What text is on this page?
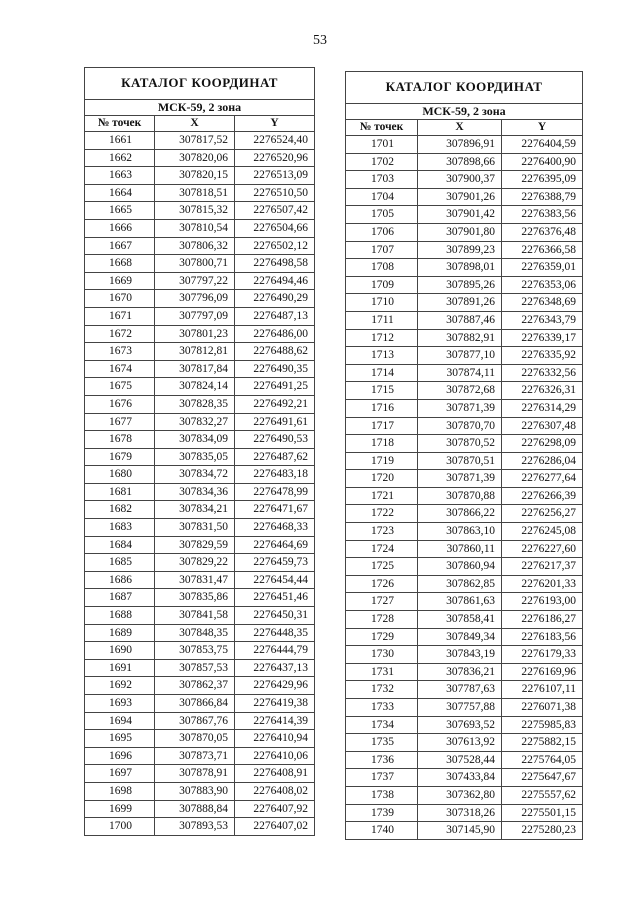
53
КАТАЛОГ КООРДИНАТ		
МСК-59, 2 зона		
№ точек	X	Y
1661	307817,52	2276524,40
1662	307820,06	2276520,96
1663	307820,15	2276513,09
1664	307818,51	2276510,50
1665	307815,32	2276507,42
1666	307810,54	2276504,66
1667	307806,32	2276502,12
1668	307800,71	2276498,58
1669	307797,22	2276494,46
1670	307796,09	2276490,29
1671	307797,09	2276487,13
1672	307801,23	2276486,00
1673	307812,81	2276488,62
1674	307817,84	2276490,35
1675	307824,14	2276491,25
1676	307828,35	2276492,21
1677	307832,27	2276491,61
1678	307834,09	2276490,53
1679	307835,05	2276487,62
1680	307834,72	2276483,18
1681	307834,36	2276478,99
1682	307834,21	2276471,67
1683	307831,50	2276468,33
1684	307829,59	2276464,69
1685	307829,22	2276459,73
1686	307831,47	2276454,44
1687	307835,86	2276451,46
1688	307841,58	2276450,31
1689	307848,35	2276448,35
1690	307853,75	2276444,79
1691	307857,53	2276437,13
1692	307862,37	2276429,96
1693	307866,84	2276419,38
1694	307867,76	2276414,39
1695	307870,05	2276410,94
1696	307873,71	2276410,06
1697	307878,91	2276408,91
1698	307883,90	2276408,02
1699	307888,84	2276407,92
1700	307893,53	2276407,02
КАТАЛОГ КООРДИНАТ		
МСК-59, 2 зона		
№ точек	X	Y
1701	307896,91	2276404,59
1702	307898,66	2276400,90
1703	307900,37	2276395,09
1704	307901,26	2276388,79
1705	307901,42	2276383,56
1706	307901,80	2276376,48
1707	307899,23	2276366,58
1708	307898,01	2276359,01
1709	307895,26	2276353,06
1710	307891,26	2276348,69
1711	307887,46	2276343,79
1712	307882,91	2276339,17
1713	307877,10	2276335,92
1714	307874,11	2276332,56
1715	307872,68	2276326,31
1716	307871,39	2276314,29
1717	307870,70	2276307,48
1718	307870,52	2276298,09
1719	307870,51	2276286,04
1720	307871,39	2276277,64
1721	307870,88	2276266,39
1722	307866,22	2276256,27
1723	307863,10	2276245,08
1724	307860,11	2276227,60
1725	307860,94	2276217,37
1726	307862,85	2276201,33
1727	307861,63	2276193,00
1728	307858,41	2276186,27
1729	307849,34	2276183,56
1730	307843,19	2276179,33
1731	307836,21	2276169,96
1732	307787,63	2276107,11
1733	307757,88	2276071,38
1734	307693,52	2275985,83
1735	307613,92	2275882,15
1736	307528,44	2275764,05
1737	307433,84	2275647,67
1738	307362,80	2275557,62
1739	307318,26	2275501,15
1740	307145,90	2275280,23
